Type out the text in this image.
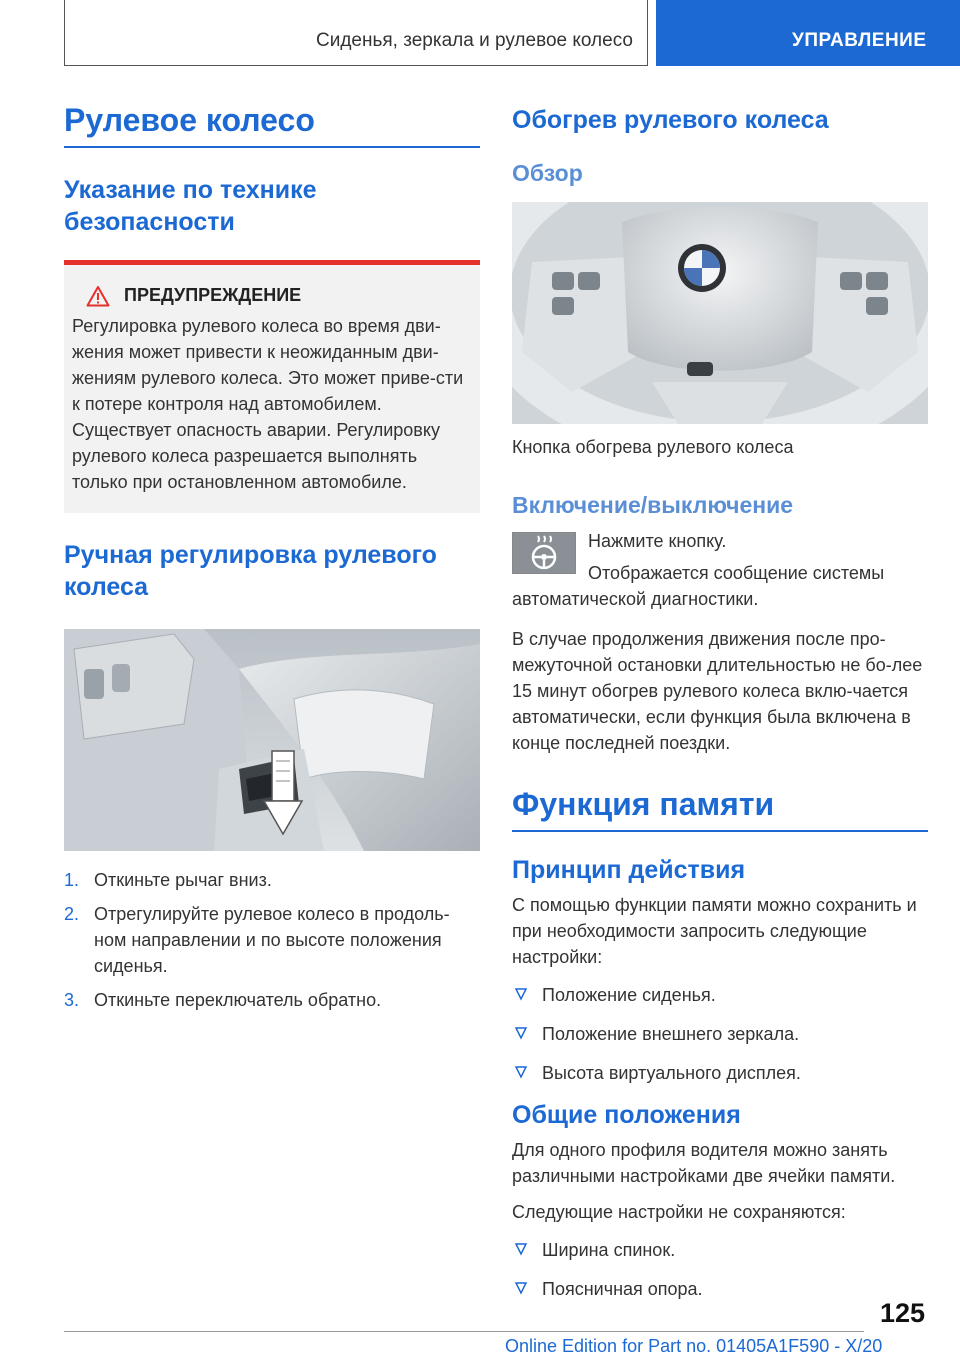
Сиденья, зеркала и рулевое колесо	УПРАВЛЕНИЕ
Рулевое колесо
Указание по технике безопасности
ПРЕДУПРЕЖДЕНИЕ

Регулировка рулевого колеса во время дви-жения может привести к неожиданным дви-жениям рулевого колеса. Это может приве-сти к потере контроля над автомобилем. Существует опасность аварии. Регулировку рулевого колеса разрешается выполнять только при остановленном автомобиле.

Ручная регулировка рулевого колеса
1. Откиньте рычаг вниз.
2. Отрегулируйте рулевое колесо в продоль-ном направлении и по высоте положения сиденья.
3. Откиньте переключатель обратно.
Обогрев рулевого колеса
Обзор

Кнопка обогрева рулевого колеса

Включение/выключение

Нажмите кнопку.

Отображается сообщение системы автоматической диагностики.

В случае продолжения движения после про-межуточной остановки длительностью не бо-лее 15 минут обогрев рулевого колеса вклю-чается автоматически, если функция была включена в конце последней поездки.

Функция памяти
Принцип действия

С помощью функции памяти можно сохранить и при необходимости запросить следующие настройки:

Положение сиденья.
Положение внешнего зеркала.
Высота виртуального дисплея.
Общие положения

Для одного профиля водителя можно занять различными настройками две ячейки памяти.

Следующие настройки не сохраняются:

Ширина спинок.
Поясничная опора.
125
Online Edition for Part no. 01405A1F590 - X/20
